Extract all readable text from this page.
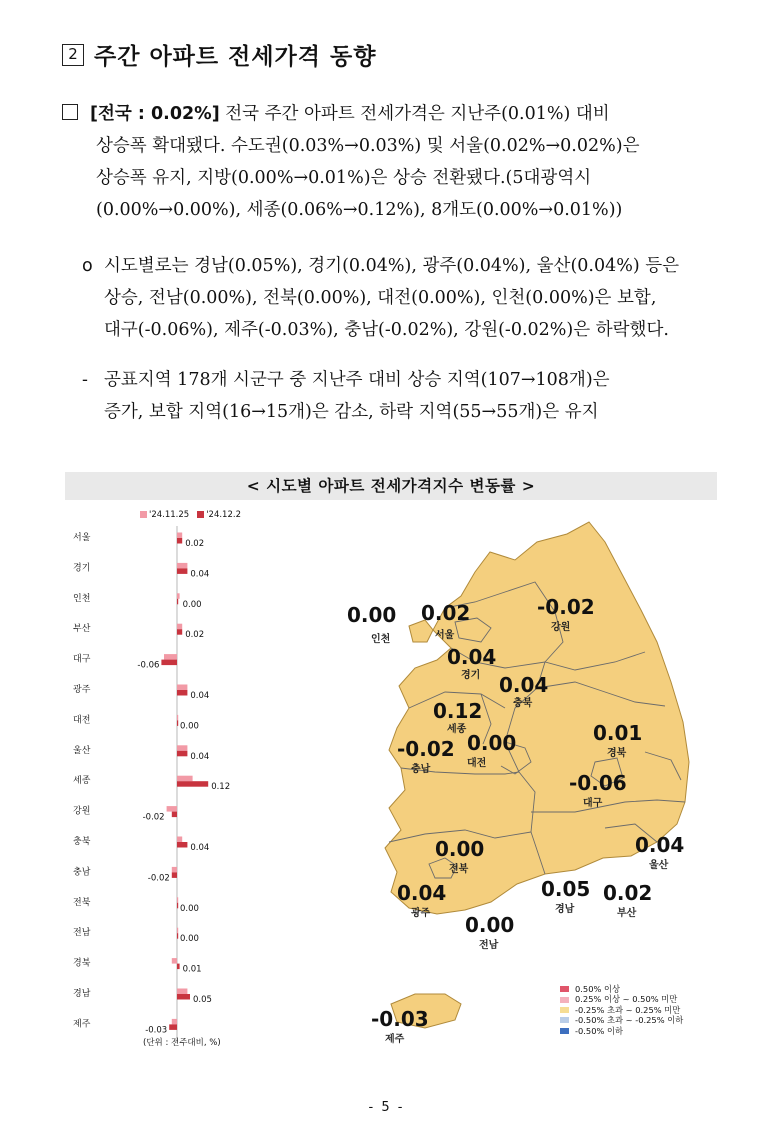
2 주간 아파트 전세가격 동향
[전국 : 0.02%] 전국 주간 아파트 전세가격은 지난주(0.01%) 대비
상승폭 확대됐다. 수도권(0.03%→0.03%) 및 서울(0.02%→0.02%)은
상승폭 유지, 지방(0.00%→0.01%)은 상승 전환됐다.(5대광역시
(0.00%→0.00%), 세종(0.06%→0.12%), 8개도(0.00%→0.01%))
o 시도별로는 경남(0.05%), 경기(0.04%), 광주(0.04%), 울산(0.04%) 등은
상승, 전남(0.00%), 전북(0.00%), 대전(0.00%), 인천(0.00%)은 보합,
대구(-0.06%), 제주(-0.03%), 충남(-0.02%), 강원(-0.02%)은 하락했다.
- 공표지역 178개 시군구 중 지난주 대비 상승 지역(107→108개)은
증가, 보합 지역(16→15개)은 감소, 하락 지역(55→55개)은 유지
< 시도별 아파트 전세가격지수 변동률 >
'24.11.25	'24.12.2
서울
0.02
경기
0.04
인천
0.00
부산
0.02
대구
-0.06
광주
0.04
대전
0.00
울산
0.04
세종
0.12
강원
-0.02
충북
0.04
충남
-0.02
전북
0.00
전남
0.00
경북
0.01
경남
0.05
제주
-0.03
(단위 : 전주대비, %)
0.00
인천
0.02
서울
-0.02
강원
0.04
경기 0.04
충북
0.12
세종
-0.02
충남
0.00
대전
0.01
경북
-0.06
대구
0.00
전북
0.04
울산
0.04
광주
0.05
경남
0.02
부산
0.00
전남
-0.03
제주
0.50% 이상
0.25% 이상 ~ 0.50% 미만
-0.25% 초과 ~ 0.25% 미만
-0.50% 초과 ~ -0.25% 이하
-0.50% 이하
- 5 -
